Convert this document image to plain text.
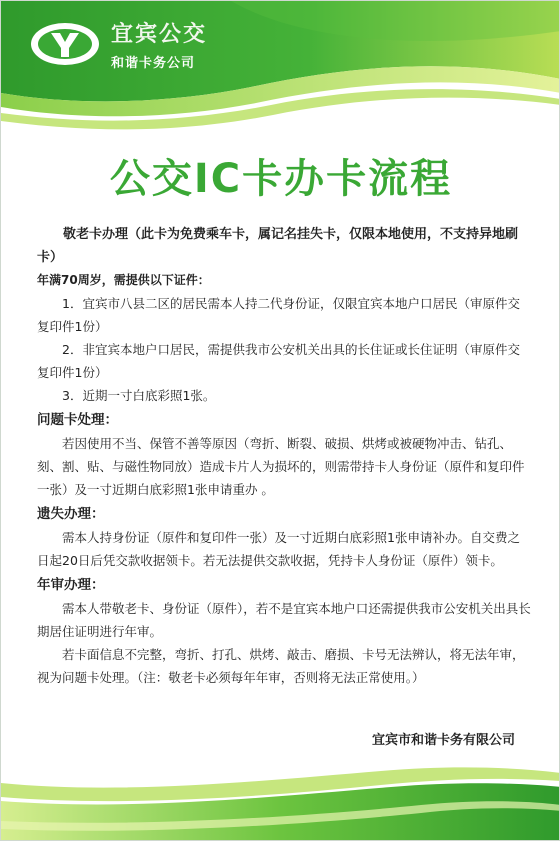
宜宾公交
和谐卡务公司
公交IC卡办卡流程
敬老卡办理（此卡为免费乘车卡，属记名挂失卡，仅限本地使用，不支持异地刷卡）
年满70周岁，需提供以下证件：
1．宜宾市八县二区的居民需本人持二代身份证，仅限宜宾本地户口居民（审原件交复印件1份）
2．非宜宾本地户口居民，需提供我市公安机关出具的长住证或长住证明（审原件交复印件1份）
3．近期一寸白底彩照1张。
问题卡处理：
若因使用不当、保管不善等原因（弯折、断裂、破损、烘烤或被硬物冲击、钻孔、刻、割、贴、与磁性物同放）造成卡片人为损坏的，则需带持卡人身份证（原件和复印件一张）及一寸近期白底彩照1张申请重办 。
遗失办理：
需本人持身份证（原件和复印件一张）及一寸近期白底彩照1张申请补办。自交费之日起20日后凭交款收据领卡。若无法提供交款收据，凭持卡人身份证（原件）领卡。
年审办理：
需本人带敬老卡、身份证（原件），若不是宜宾本地户口还需提供我市公安机关出具长期居住证明进行年审。
若卡面信息不完整，弯折、打孔、烘烤、敲击、磨损、卡号无法辨认，将无法年审，视为问题卡处理。（注：敬老卡必须每年年审，否则将无法正常使用。）
宜宾市和谐卡务有限公司
